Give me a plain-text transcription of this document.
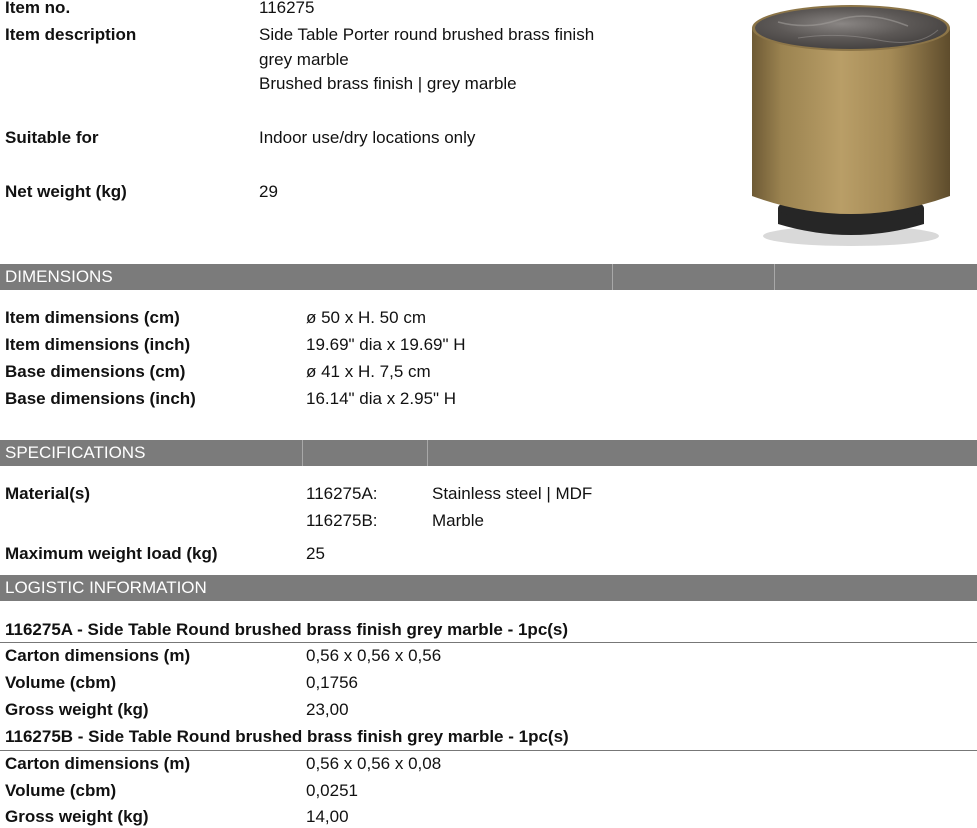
Item no.	116275
Item description	Side Table Porter round brushed brass finish
grey marble
Brushed brass finish | grey marble
Suitable for	Indoor use/dry locations only
Net weight (kg)	29
DIMENSIONS
Item dimensions (cm)	ø 50 x H. 50 cm
Item dimensions (inch)	19.69" dia x 19.69" H
Base dimensions (cm)	ø 41 x H. 7,5 cm
Base dimensions (inch)	16.14" dia x 2.95" H
SPECIFICATIONS
Material(s)	116275A:	Stainless steel | MDF
116275B:	Marble
Maximum weight load (kg)	25
LOGISTIC INFORMATION
116275A - Side Table Round brushed brass finish grey marble - 1pc(s)
Carton dimensions (m)	0,56 x 0,56 x 0,56
Volume (cbm)	0,1756
Gross weight (kg)	23,00
116275B - Side Table Round brushed brass finish grey marble - 1pc(s)
Carton dimensions (m)	0,56 x 0,56 x 0,08
Volume (cbm)	0,0251
Gross weight (kg)	14,00
